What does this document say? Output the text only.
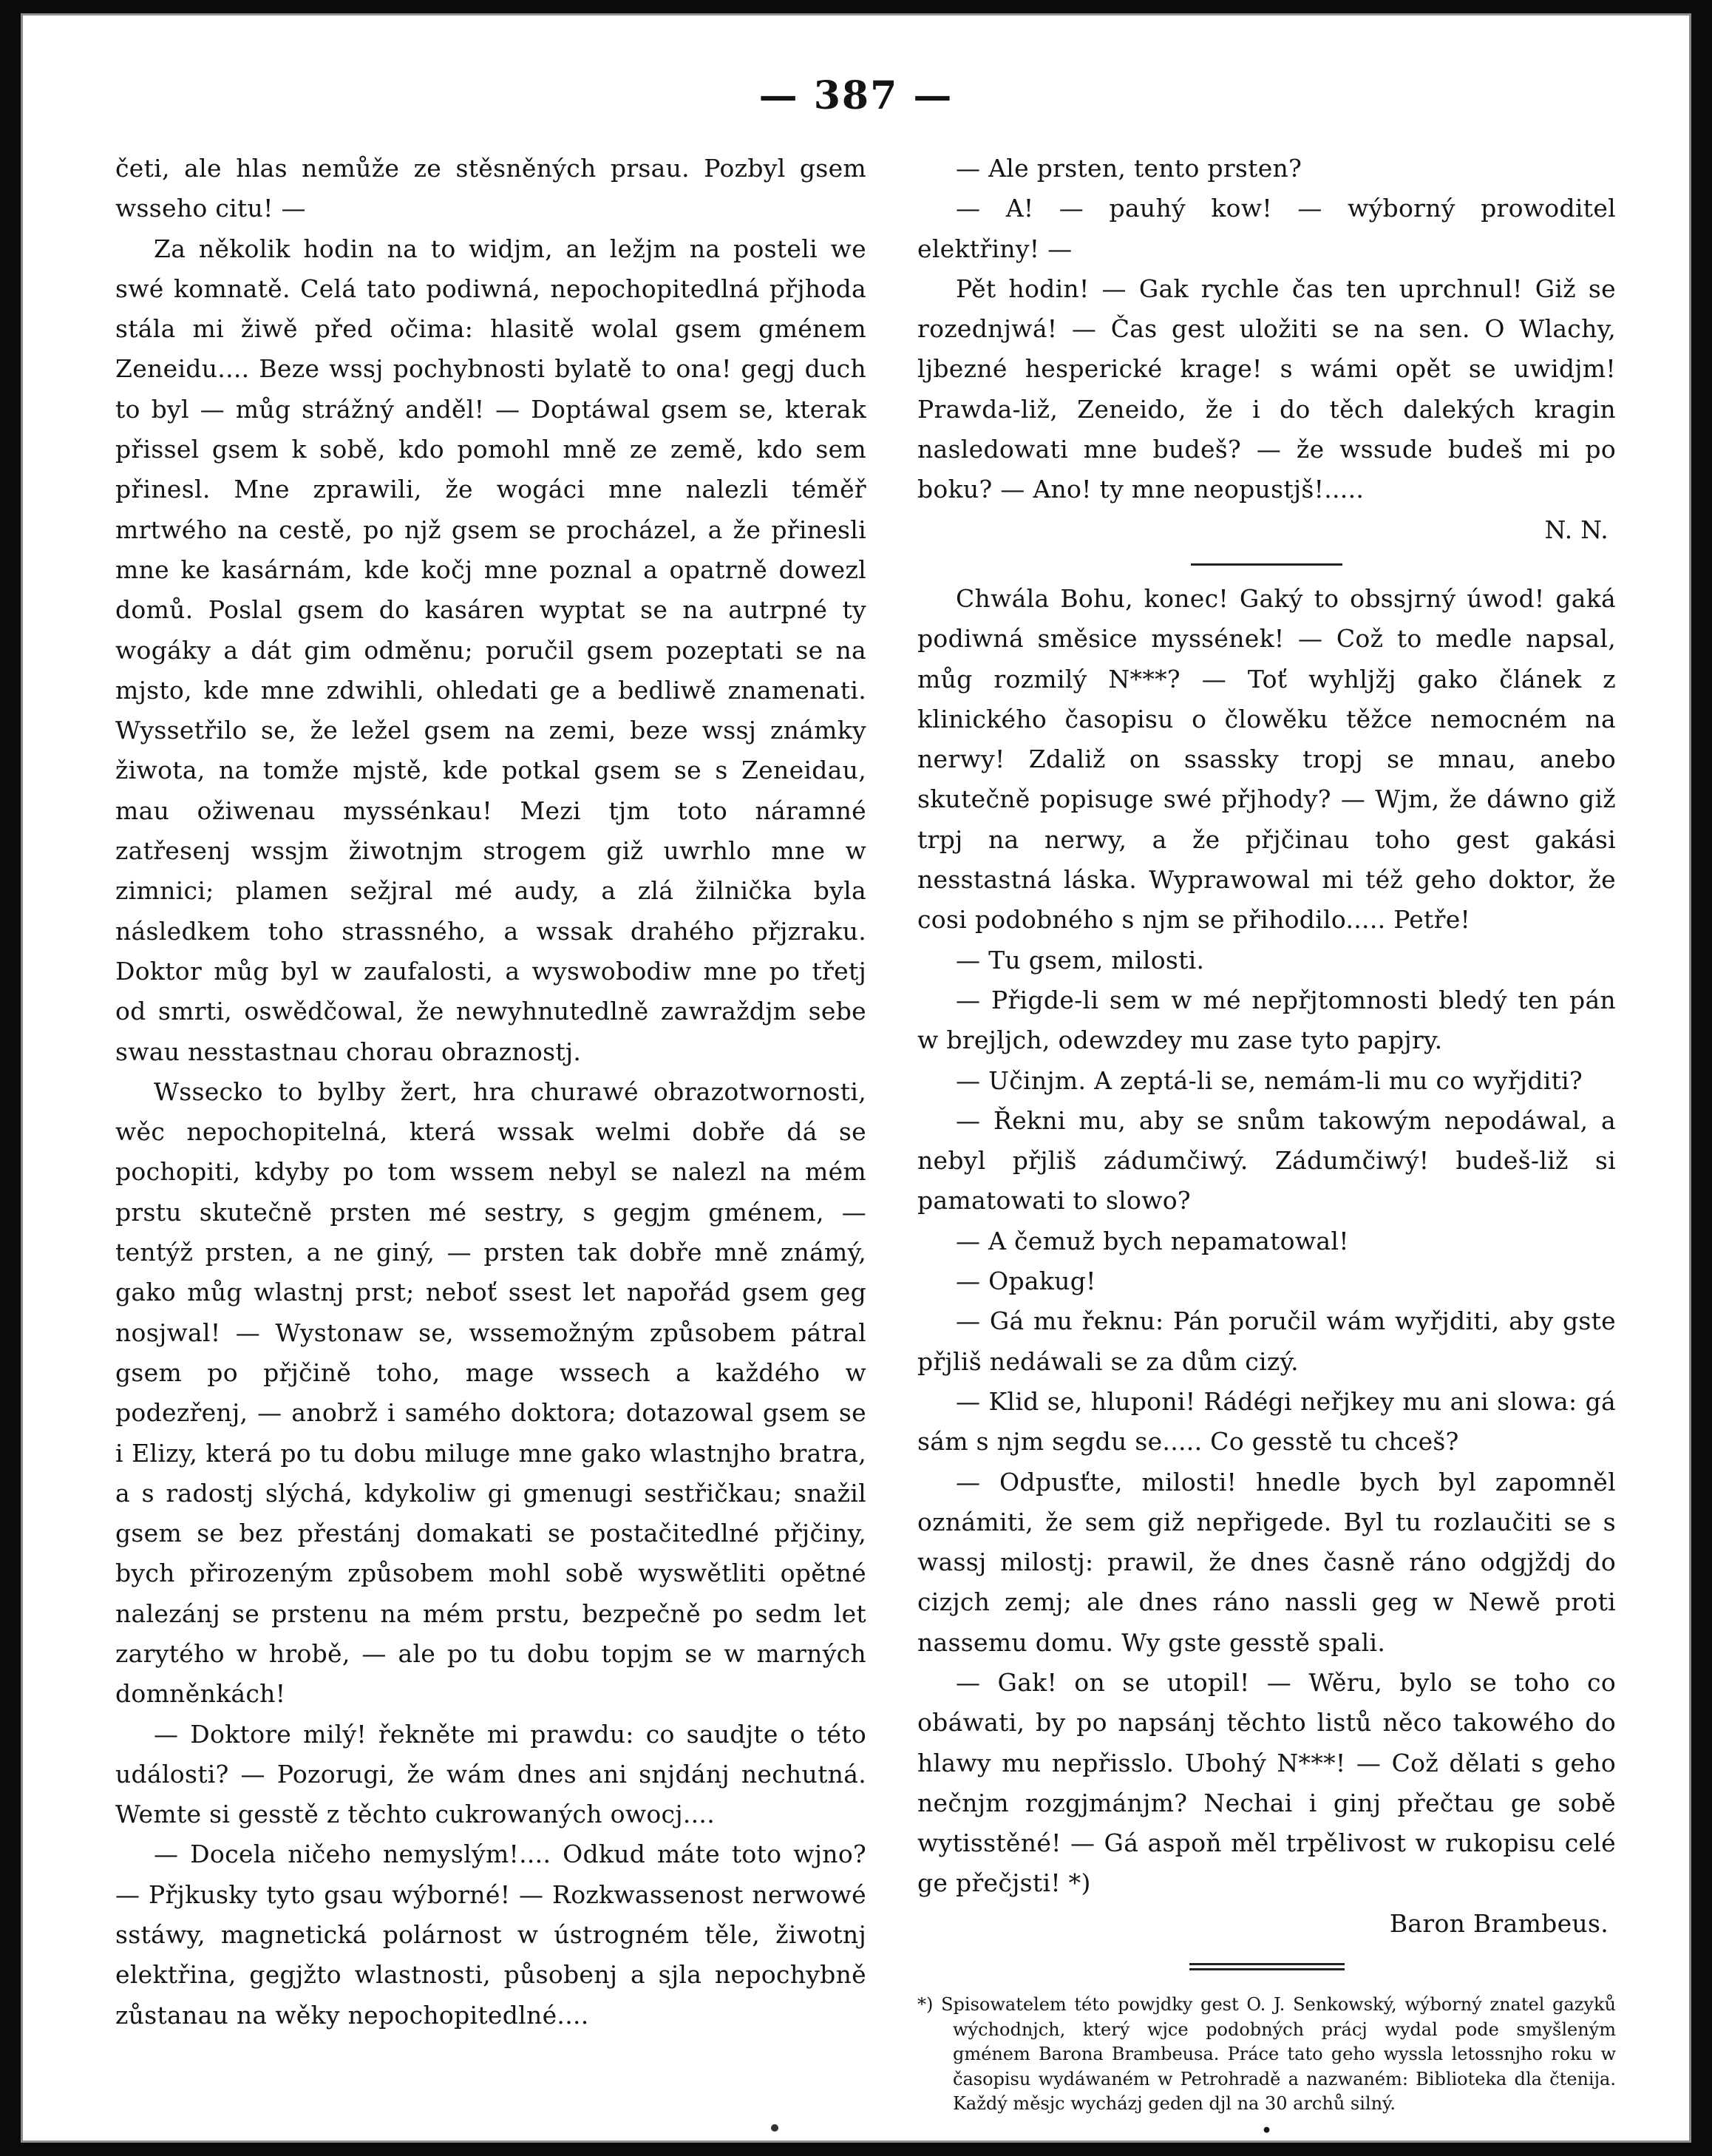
— 387 —

četi, ale hlas nemůže ze stěsněných prsau. Pozbyl gsem wsseho citu! —

Za několik hodin na to widjm, an ležjm na posteli we swé komnatě. Celá tato podiwná, nepochopitedlná přjhoda stála mi žiwě před očima: hlasitě wolal gsem gménem Zeneidu.... Beze wssj pochybnosti bylatě to ona! gegj duch to byl — můg strážný anděl! — Doptáwal gsem se, kterak přissel gsem k sobě, kdo pomohl mně ze země, kdo sem přinesl. Mne zprawili, že wogáci mne nalezli téměř mrtwého na cestě, po njž gsem se procházel, a že přinesli mne ke kasárnám, kde kočj mne poznal a opatrně dowezl domů. Poslal gsem do kasáren wyptat se na autrpné ty wogáky a dát gim odměnu; poručil gsem pozeptati se na mjsto, kde mne zdwihli, ohledati ge a bedliwě znamenati. Wyssetřilo se, že ležel gsem na zemi, beze wssj známky žiwota, na tomže mjstě, kde potkal gsem se s Zeneidau, mau ožiwenau myssénkau! Mezi tjm toto náramné zatřesenj wssjm žiwotnjm strogem giž uwrhlo mne w zimnici; plamen sežjral mé audy, a zlá žilnička byla následkem toho strassného, a wssak drahého přjzraku. Doktor můg byl w zaufalosti, a wyswobodiw mne po třetj od smrti, oswědčowal, že newyhnutedlně zawraždjm sebe swau nesstastnau chorau obraznostj.

Wssecko to bylby žert, hra churawé obrazotwornosti, wěc nepochopitelná, která wssak welmi dobře dá se pochopiti, kdyby po tom wssem nebyl se nalezl na mém prstu skutečně prsten mé sestry, s gegjm gménem, — tentýž prsten, a ne giný, — prsten tak dobře mně známý, gako můg wlastnj prst; neboť ssest let napořád gsem geg nosjwal! — Wystonaw se, wssemožným způsobem pátral gsem po přjčině toho, mage wssech a každého w podezřenj, — anobrž i samého doktora; dotazowal gsem se i Elizy, která po tu dobu miluge mne gako wlastnjho bratra, a s radostj slýchá, kdykoliw gi gmenugi sestřičkau; snažil gsem se bez přestánj domakati se postačitedlné přjčiny, bych přirozeným způsobem mohl sobě wyswětliti opětné nalezánj se prstenu na mém prstu, bezpečně po sedm let zarytého w hrobě, — ale po tu dobu topjm se w marných domněnkách!

— Doktore milý! řekněte mi prawdu: co saudjte o této události? — Pozorugi, že wám dnes ani snjdánj nechutná. Wemte si gesstě z těchto cukrowaných owocj....

— Docela ničeho nemyslým!.... Odkud máte toto wjno? — Přjkusky tyto gsau wýborné! — Rozkwassenost nerwowé sstáwy, magnetická polárnost w ústrogném těle, žiwotnj elektřina, gegjžto wlastnosti, působenj a sjla nepochybně zůstanau na wěky nepochopitedlné....

— Ale prsten, tento prsten?

— A! — pauhý kow! — wýborný prowoditel elektřiny! —

Pět hodin! — Gak rychle čas ten uprchnul! Giž se rozednjwá! — Čas gest uložiti se na sen. O Wlachy, ljbezné hesperické krage! s wámi opět se uwidjm! Prawda-liž, Zeneido, že i do těch dalekých kragin nasledowati mne budeš? — že wssude budeš mi po boku? — Ano! ty mne neopustjš!.....

N. N.

Chwála Bohu, konec! Gaký to obssjrný úwod! gaká podiwná směsice myssének! — Což to medle napsal, můg rozmilý N***? — Toť wyhljžj gako článek z klinického časopisu o člowěku těžce nemocném na nerwy! Zdaliž on ssassky tropj se mnau, anebo skutečně popisuge swé přjhody? — Wjm, že dáwno giž trpj na nerwy, a že přjčinau toho gest gakási nesstastná láska. Wyprawowal mi též geho doktor, že cosi podobného s njm se přihodilo..... Petře!

— Tu gsem, milosti.

— Přigde-li sem w mé nepřjtomnosti bledý ten pán w brejljch, odewzdey mu zase tyto papjry.

— Učinjm. A zeptá-li se, nemám-li mu co wyřjditi?

— Řekni mu, aby se snům takowým nepodáwal, a nebyl přjliš zádumčiwý. Zádumčiwý! budeš-liž si pamatowati to slowo?

— A čemuž bych nepamatowal!

— Opakug!

— Gá mu řeknu: Pán poručil wám wyřjditi, aby gste přjliš nedáwali se za dům cizý.

— Klid se, hluponi! Rádégi neřjkey mu ani slowa: gá sám s njm segdu se..... Co gesstě tu chceš?

— Odpusťte, milosti! hnedle bych byl zapomněl oznámiti, že sem giž nepřigede. Byl tu rozlaučiti se s wassj milostj: prawil, že dnes časně ráno odgjždj do cizjch zemj; ale dnes ráno nassli geg w Newě proti nassemu domu. Wy gste gesstě spali.

— Gak! on se utopil! — Wěru, bylo se toho co obáwati, by po napsánj těchto listů něco takowého do hlawy mu nepřisslo. Ubohý N***! — Což dělati s geho nečnjm rozgjmánjm? Nechai i ginj přečtau ge sobě wytisstěné! — Gá aspoň měl trpělivost w rukopisu celé ge přečjsti! *)

Baron Brambeus.

*) Spisowatelem této powjdky gest O. J. Senkowský, wýborný znatel gazyků wýchodnjch, který wjce podobných prácj wydal pode smyšleným gménem Barona Brambeusa. Práce tato geho wyssla letossnjho roku w časopisu wydáwaném w Petrohradě a nazwaném: Biblioteka dla čtenija. Každý měsjc wycházj geden djl na 30 archů silný.

•
